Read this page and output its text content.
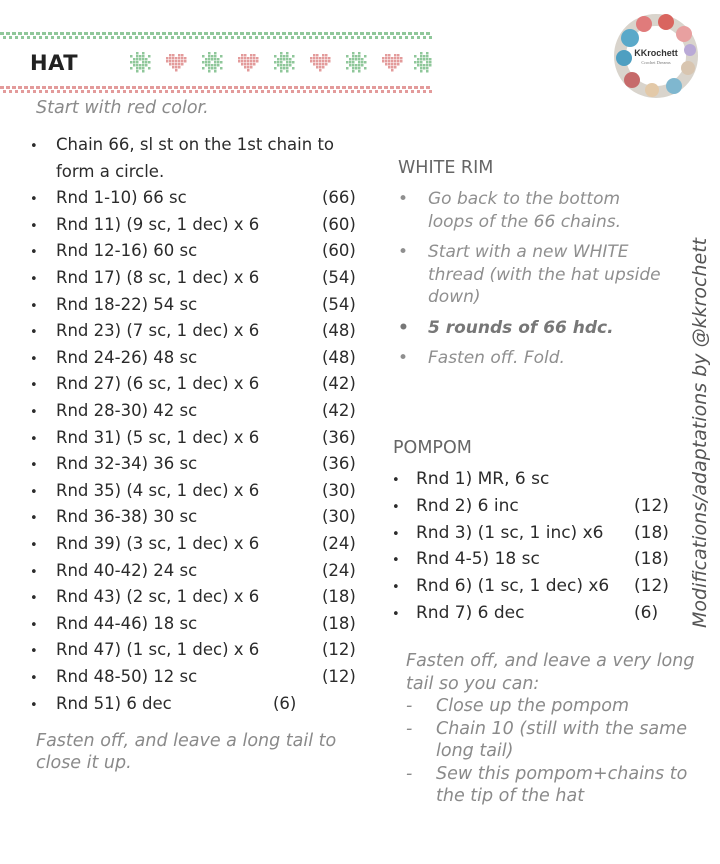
HAT	KKrochett
Crochet Dreams
Start with red color.
• Chain 66, sl st on the 1st chain to
form a circle.
• Rnd 1-10) 66 sc	(66)
• Rnd 11) (9 sc, 1 dec) x 6	(60)
• Rnd 12-16) 60 sc	(60)
• Rnd 17) (8 sc, 1 dec) x 6	(54)
• Rnd 18-22) 54 sc	(54)
• Rnd 23) (7 sc, 1 dec) x 6	(48)
• Rnd 24-26) 48 sc	(48)
• Rnd 27) (6 sc, 1 dec) x 6	(42)
• Rnd 28-30) 42 sc	(42)
• Rnd 31) (5 sc, 1 dec) x 6	(36)
• Rnd 32-34) 36 sc	(36)
• Rnd 35) (4 sc, 1 dec) x 6	(30)
• Rnd 36-38) 30 sc	(30)
• Rnd 39) (3 sc, 1 dec) x 6	(24)
• Rnd 40-42) 24 sc	(24)
• Rnd 43) (2 sc, 1 dec) x 6	(18)
• Rnd 44-46) 18 sc	(18)
• Rnd 47) (1 sc, 1 dec) x 6	(12)
• Rnd 48-50) 12 sc	(12)
• Rnd 51) 6 dec	(6)
Fasten off, and leave a long tail to close it up.
WHITE RIM
• Go back to the bottom loops of the 66 chains.
• Start with a new WHITE thread (with the hat upside down)
• 5 rounds of 66 hdc.
• Fasten off. Fold.
POMPOM
• Rnd 1) MR, 6 sc
• Rnd 2) 6 inc	(12)
• Rnd 3) (1 sc, 1 inc) x6 (18)
• Rnd 4-5) 18 sc	(18)
• Rnd 6) (1 sc, 1 dec) x6 (12)
• Rnd 7) 6 dec	(6)
Fasten off, and leave a very long tail so you can:
- Close up the pompom
- Chain 10 (still with the same long tail)
- Sew this pompom+chains to the tip of the hat
Modifications/adaptations by @kkrochett
